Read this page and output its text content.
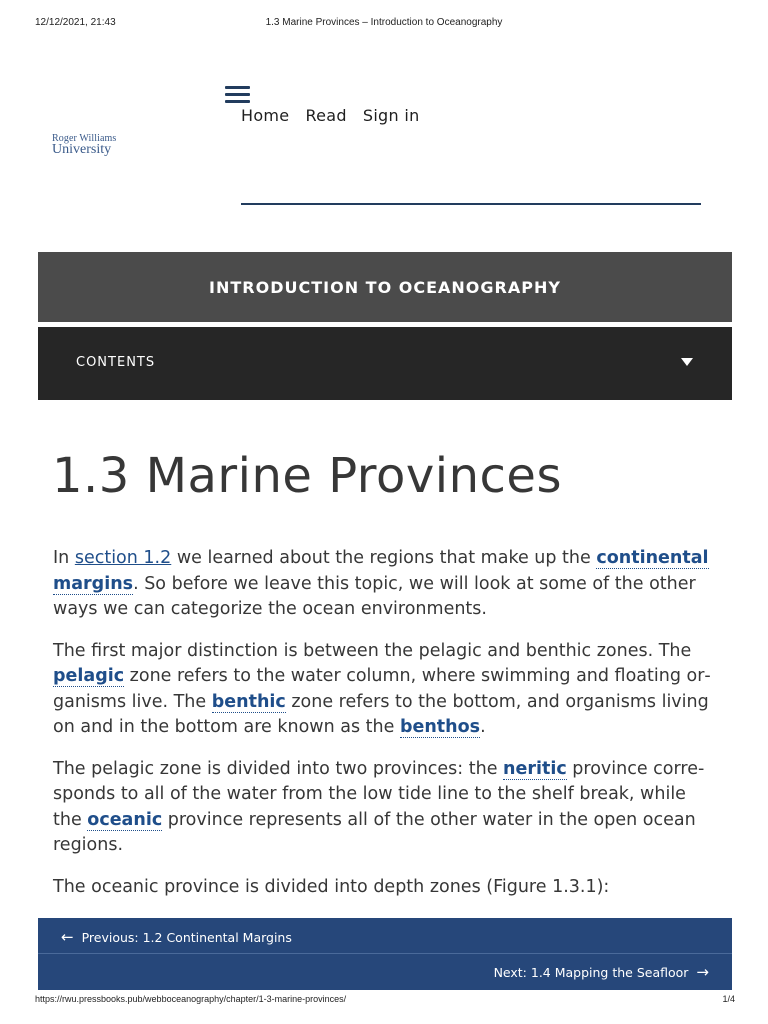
12/12/2021, 21:43	1.3 Marine Provinces – Introduction to Oceanography
Roger Williams
University
Home Read Sign in
INTRODUCTION TO OCEANOGRAPHY
CONTENTS
1.3 Marine Provinces

In section 1.2 we learned about the regions that make up the continental margins. So before we leave this topic, we will look at some of the other ways we can categorize the ocean environments.

The first major distinction is between the pelagic and benthic zones. The pelagic zone refers to the water column, where swimming and floating organisms live. The benthic zone refers to the bottom, and organisms living on and in the bottom are known as the benthos.

The pelagic zone is divided into two provinces: the neritic province corresponds to all of the water from the low tide line to the shelf break, while the oceanic province represents all of the other water in the open ocean regions.

The oceanic province is divided into depth zones (Figure 1.3.1):

← Previous: 1.2 Continental Margins
Next: 1.4 Mapping the Seafloor →
https://rwu.pressbooks.pub/webboceanography/chapter/1-3-marine-provinces/	1/4
